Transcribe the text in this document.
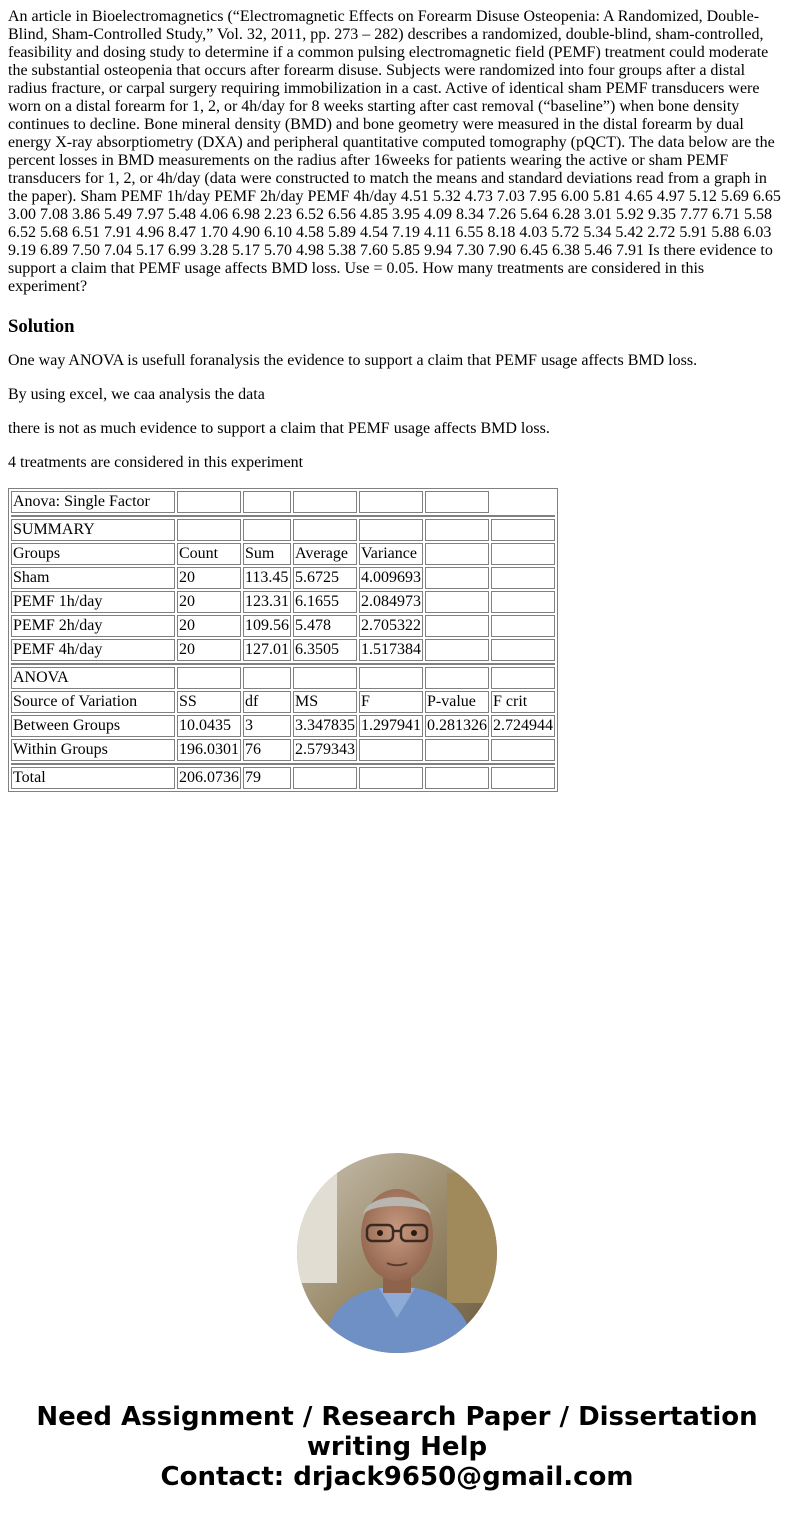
An article in Bioelectromagnetics (“Electromagnetic Effects on Forearm Disuse Osteopenia: A Randomized, Double-Blind, Sham-Controlled Study,” Vol. 32, 2011, pp. 273 – 282) describes a randomized, double-blind, sham-controlled, feasibility and dosing study to determine if a common pulsing electromagnetic field (PEMF) treatment could moderate the substantial osteopenia that occurs after forearm disuse. Subjects were randomized into four groups after a distal radius fracture, or carpal surgery requiring immobilization in a cast. Active of identical sham PEMF transducers were worn on a distal forearm for 1, 2, or 4h/day for 8 weeks starting after cast removal (“baseline”) when bone density continues to decline. Bone mineral density (BMD) and bone geometry were measured in the distal forearm by dual energy X-ray absorptiometry (DXA) and peripheral quantitative computed tomography (pQCT). The data below are the percent losses in BMD measurements on the radius after 16weeks for patients wearing the active or sham PEMF transducers for 1, 2, or 4h/day (data were constructed to match the means and standard deviations read from a graph in the paper). Sham PEMF 1h/day PEMF 2h/day PEMF 4h/day 4.51 5.32 4.73 7.03 7.95 6.00 5.81 4.65 4.97 5.12 5.69 6.65 3.00 7.08 3.86 5.49 7.97 5.48 4.06 6.98 2.23 6.52 6.56 4.85 3.95 4.09 8.34 7.26 5.64 6.28 3.01 5.92 9.35 7.77 6.71 5.58 6.52 5.68 6.51 7.91 4.96 8.47 1.70 4.90 6.10 4.58 5.89 4.54 7.19 4.11 6.55 8.18 4.03 5.72 5.34 5.42 2.72 5.91 5.88 6.03 9.19 6.89 7.50 7.04 5.17 6.99 3.28 5.17 5.70 4.98 5.38 7.60 5.85 9.94 7.30 7.90 6.45 6.38 5.46 7.91 Is there evidence to support a claim that PEMF usage affects BMD loss. Use = 0.05. How many treatments are considered in this experiment?

Solution

One way ANOVA is usefull foranalysis the evidence to support a claim that PEMF usage affects BMD loss.

By using excel, we caa analysis the data

there is not as much evidence to support a claim that PEMF usage affects BMD loss.

4 treatments are considered in this experiment

Anova: Single Factor						

SUMMARY						
Groups	Count	Sum	Average	Variance		
Sham	20	113.45	5.6725	4.009693		
PEMF 1h/day	20	123.31	6.1655	2.084973		
PEMF 2h/day	20	109.56	5.478	2.705322		
PEMF 4h/day	20	127.01	6.3505	1.517384		

ANOVA						
Source of Variation	SS	df	MS	F	P-value	F crit
Between Groups	10.0435	3	3.347835	1.297941	0.281326	2.724944
Within Groups	196.0301	76	2.579343			

Total	206.0736	79				
Need Assignment / Research Paper / Dissertation
writing Help
Contact: drjack9650@gmail.com
